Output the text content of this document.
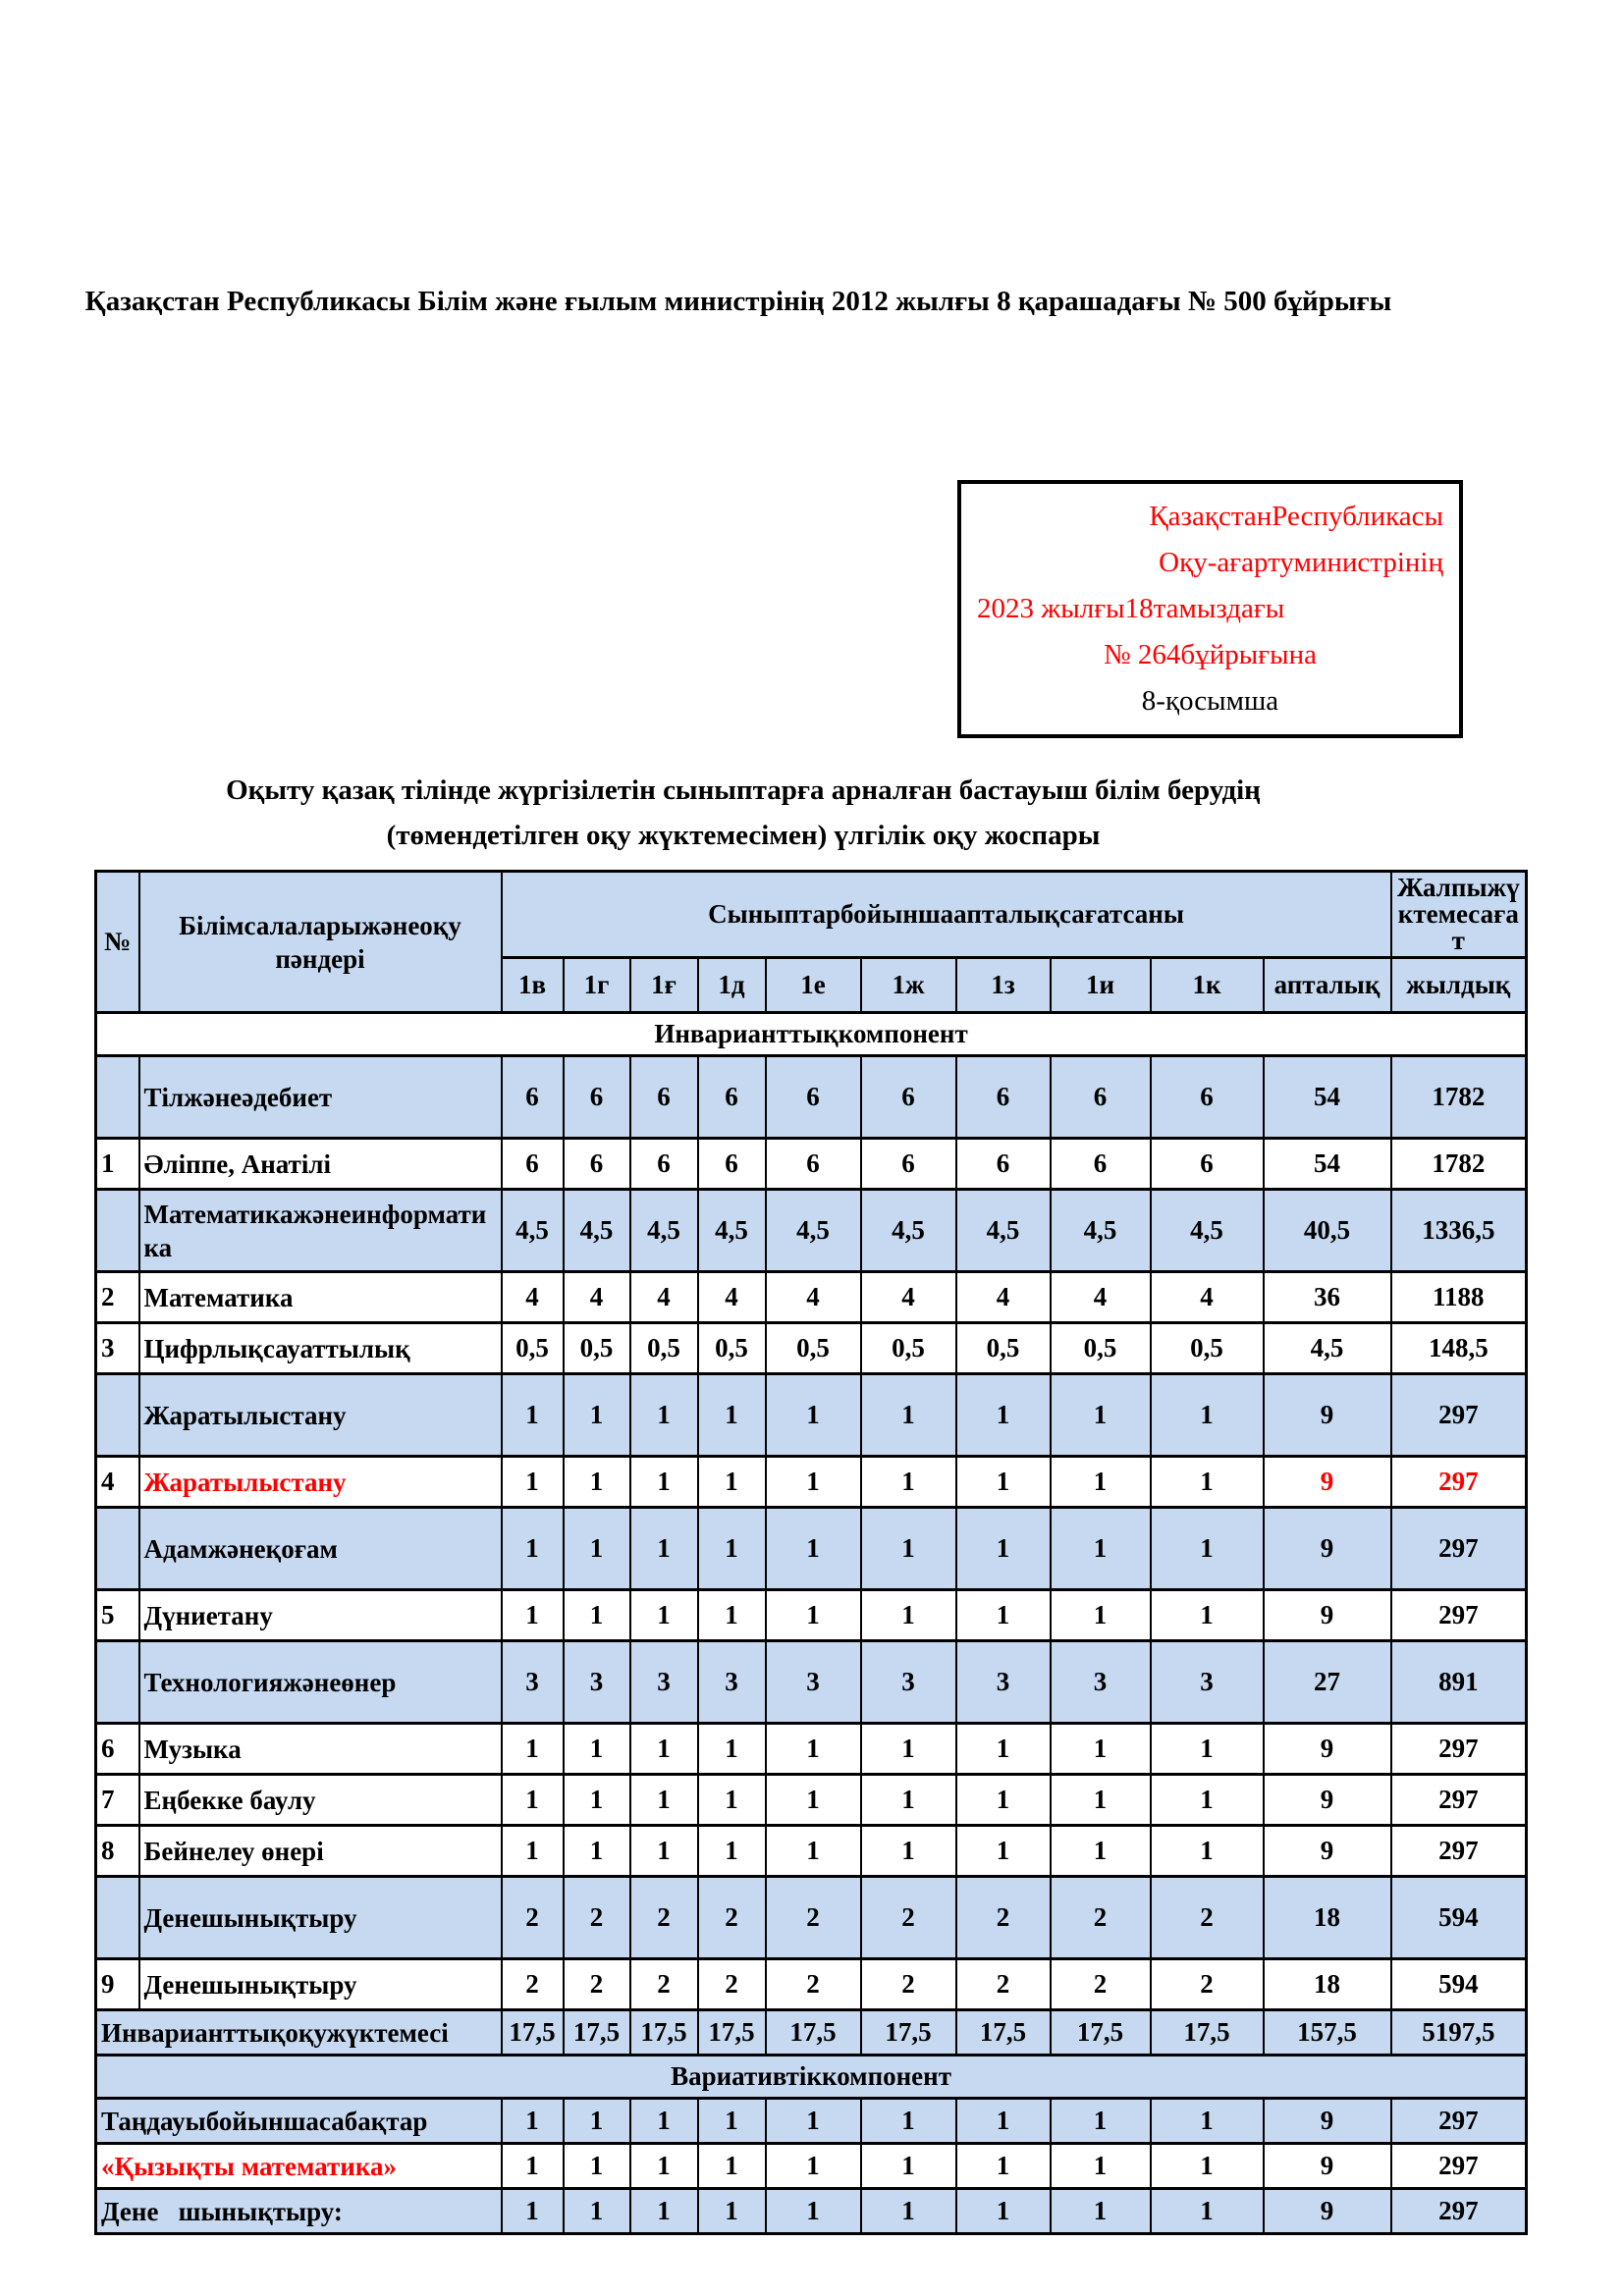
Қазақстан Республикасы Білім және ғылым министрінің 2012 жылғы 8 қарашадағы № 500 бұйрығы
ҚазақстанРеспубликасы
Оқу-ағартуминистрінің
2023 жылғы18тамыздағы
№ 264бұйрығына
8-қосымша
Оқыту қазақ тілінде жүргізілетін сыныптарға арналған бастауыш білім берудің
(төмендетілген оқу жүктемесімен) үлгілік оқу жоспары
№	Білімсалаларыжәнеоқу пәндері	Сыныптарбойыншаапталықсағатсаны										Жалпыжүктемесағат
		1в	1г	1ғ	1д	1е	1ж	1з	1и	1к	апталық	жылдық
Инварианттықкомпонент												
	Тілжәнеәдебиет	6	6	6	6	6	6	6	6	6	54	1782
1	Әліппе, Анатілі	6	6	6	6	6	6	6	6	6	54	1782
	Математикажәнеинформатика	4,5	4,5	4,5	4,5	4,5	4,5	4,5	4,5	4,5	40,5	1336,5
2	Математика	4	4	4	4	4	4	4	4	4	36	1188
3	Цифрлықсауаттылық	0,5	0,5	0,5	0,5	0,5	0,5	0,5	0,5	0,5	4,5	148,5
	Жаратылыстану	1	1	1	1	1	1	1	1	1	9	297
4	Жаратылыстану	1	1	1	1	1	1	1	1	1	9	297
	Адамжәнеқоғам	1	1	1	1	1	1	1	1	1	9	297
5	Дүниетану	1	1	1	1	1	1	1	1	1	9	297
	Технологияжәнеөнер	3	3	3	3	3	3	3	3	3	27	891
6	Музыка	1	1	1	1	1	1	1	1	1	9	297
7	Еңбекке баулу	1	1	1	1	1	1	1	1	1	9	297
8	Бейнелеу өнері	1	1	1	1	1	1	1	1	1	9	297
	Денешынықтыру	2	2	2	2	2	2	2	2	2	18	594
9	Денешынықтыру	2	2	2	2	2	2	2	2	2	18	594
Инварианттықоқужүктемесі		17,5	17,5	17,5	17,5	17,5	17,5	17,5	17,5	17,5	157,5	5197,5
Вариативтіккомпонент												
Таңдауыбойыншасабақтар		1	1	1	1	1	1	1	1	1	9	297
«Қызықты математика»		1	1	1	1	1	1	1	1	1	9	297
Дене   шынықтыру:		1	1	1	1	1	1	1	1	1	9	297
